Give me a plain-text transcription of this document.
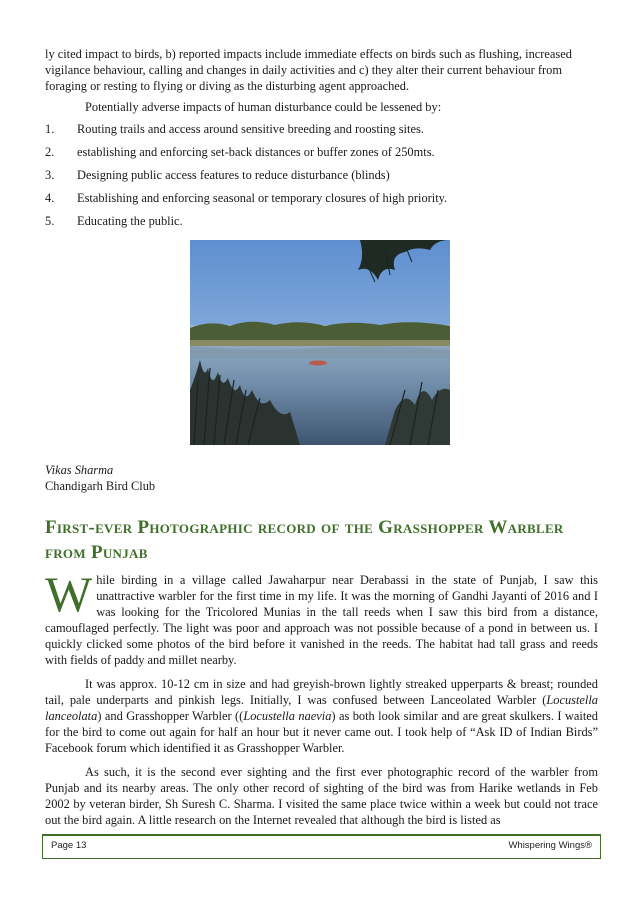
ly cited impact to birds, b) reported impacts include immediate effects on birds such as flushing, increased vigilance behaviour, calling and changes in daily activities and c) they alter their current behaviour from foraging or resting to flying or diving as the disturbing agent approached.

Potentially adverse impacts of human disturbance could be lessened by:

1.	Routing trails and access around sensitive breeding and roosting sites.
2.	establishing and enforcing set-back distances or buffer zones of 250mts.
3.	Designing public access features to reduce disturbance (blinds)
4.	Establishing and enforcing seasonal or temporary closures of high priority.
5.	Educating the public.
Vikas Sharma
Chandigarh Bird Club
First-ever Photographic record of the Grasshopper Warbler from Punjab

While birding in a village called Jawaharpur near Derabassi in the state of Punjab, I saw this unattractive warbler for the first time in my life. It was the morning of Gandhi Jayanti of 2016 and I was looking for the Tricolored Munias in the tall reeds when I saw this bird from a distance, camouflaged perfectly. The light was poor and approach was not possible because of a pond in between us. I quickly clicked some photos of the bird before it vanished in the reeds. The habitat had tall grass and reeds with fields of paddy and millet nearby.

It was approx. 10-12 cm in size and had greyish-brown lightly streaked upperparts & breast; rounded tail, pale underparts and pinkish legs. Initially, I was confused between Lanceolated Warbler (Locustella lanceolata) and Grasshopper Warbler ((Locustella naevia) as both look similar and are great skulkers. I waited for the bird to come out again for half an hour but it never came out. I took help of “Ask ID of Indian Birds” Facebook forum which identified it as Grasshopper Warbler.

As such, it is the second ever sighting and the first ever photographic record of the warbler from Punjab and its nearby areas. The only other record of sighting of the bird was from Harike wetlands in Feb 2002 by veteran birder, Sh Suresh C. Sharma. I visited the same place twice within a week but could not trace out the bird again. A little research on the Internet revealed that although the bird is listed as

Page 13	Whispering Wings®
